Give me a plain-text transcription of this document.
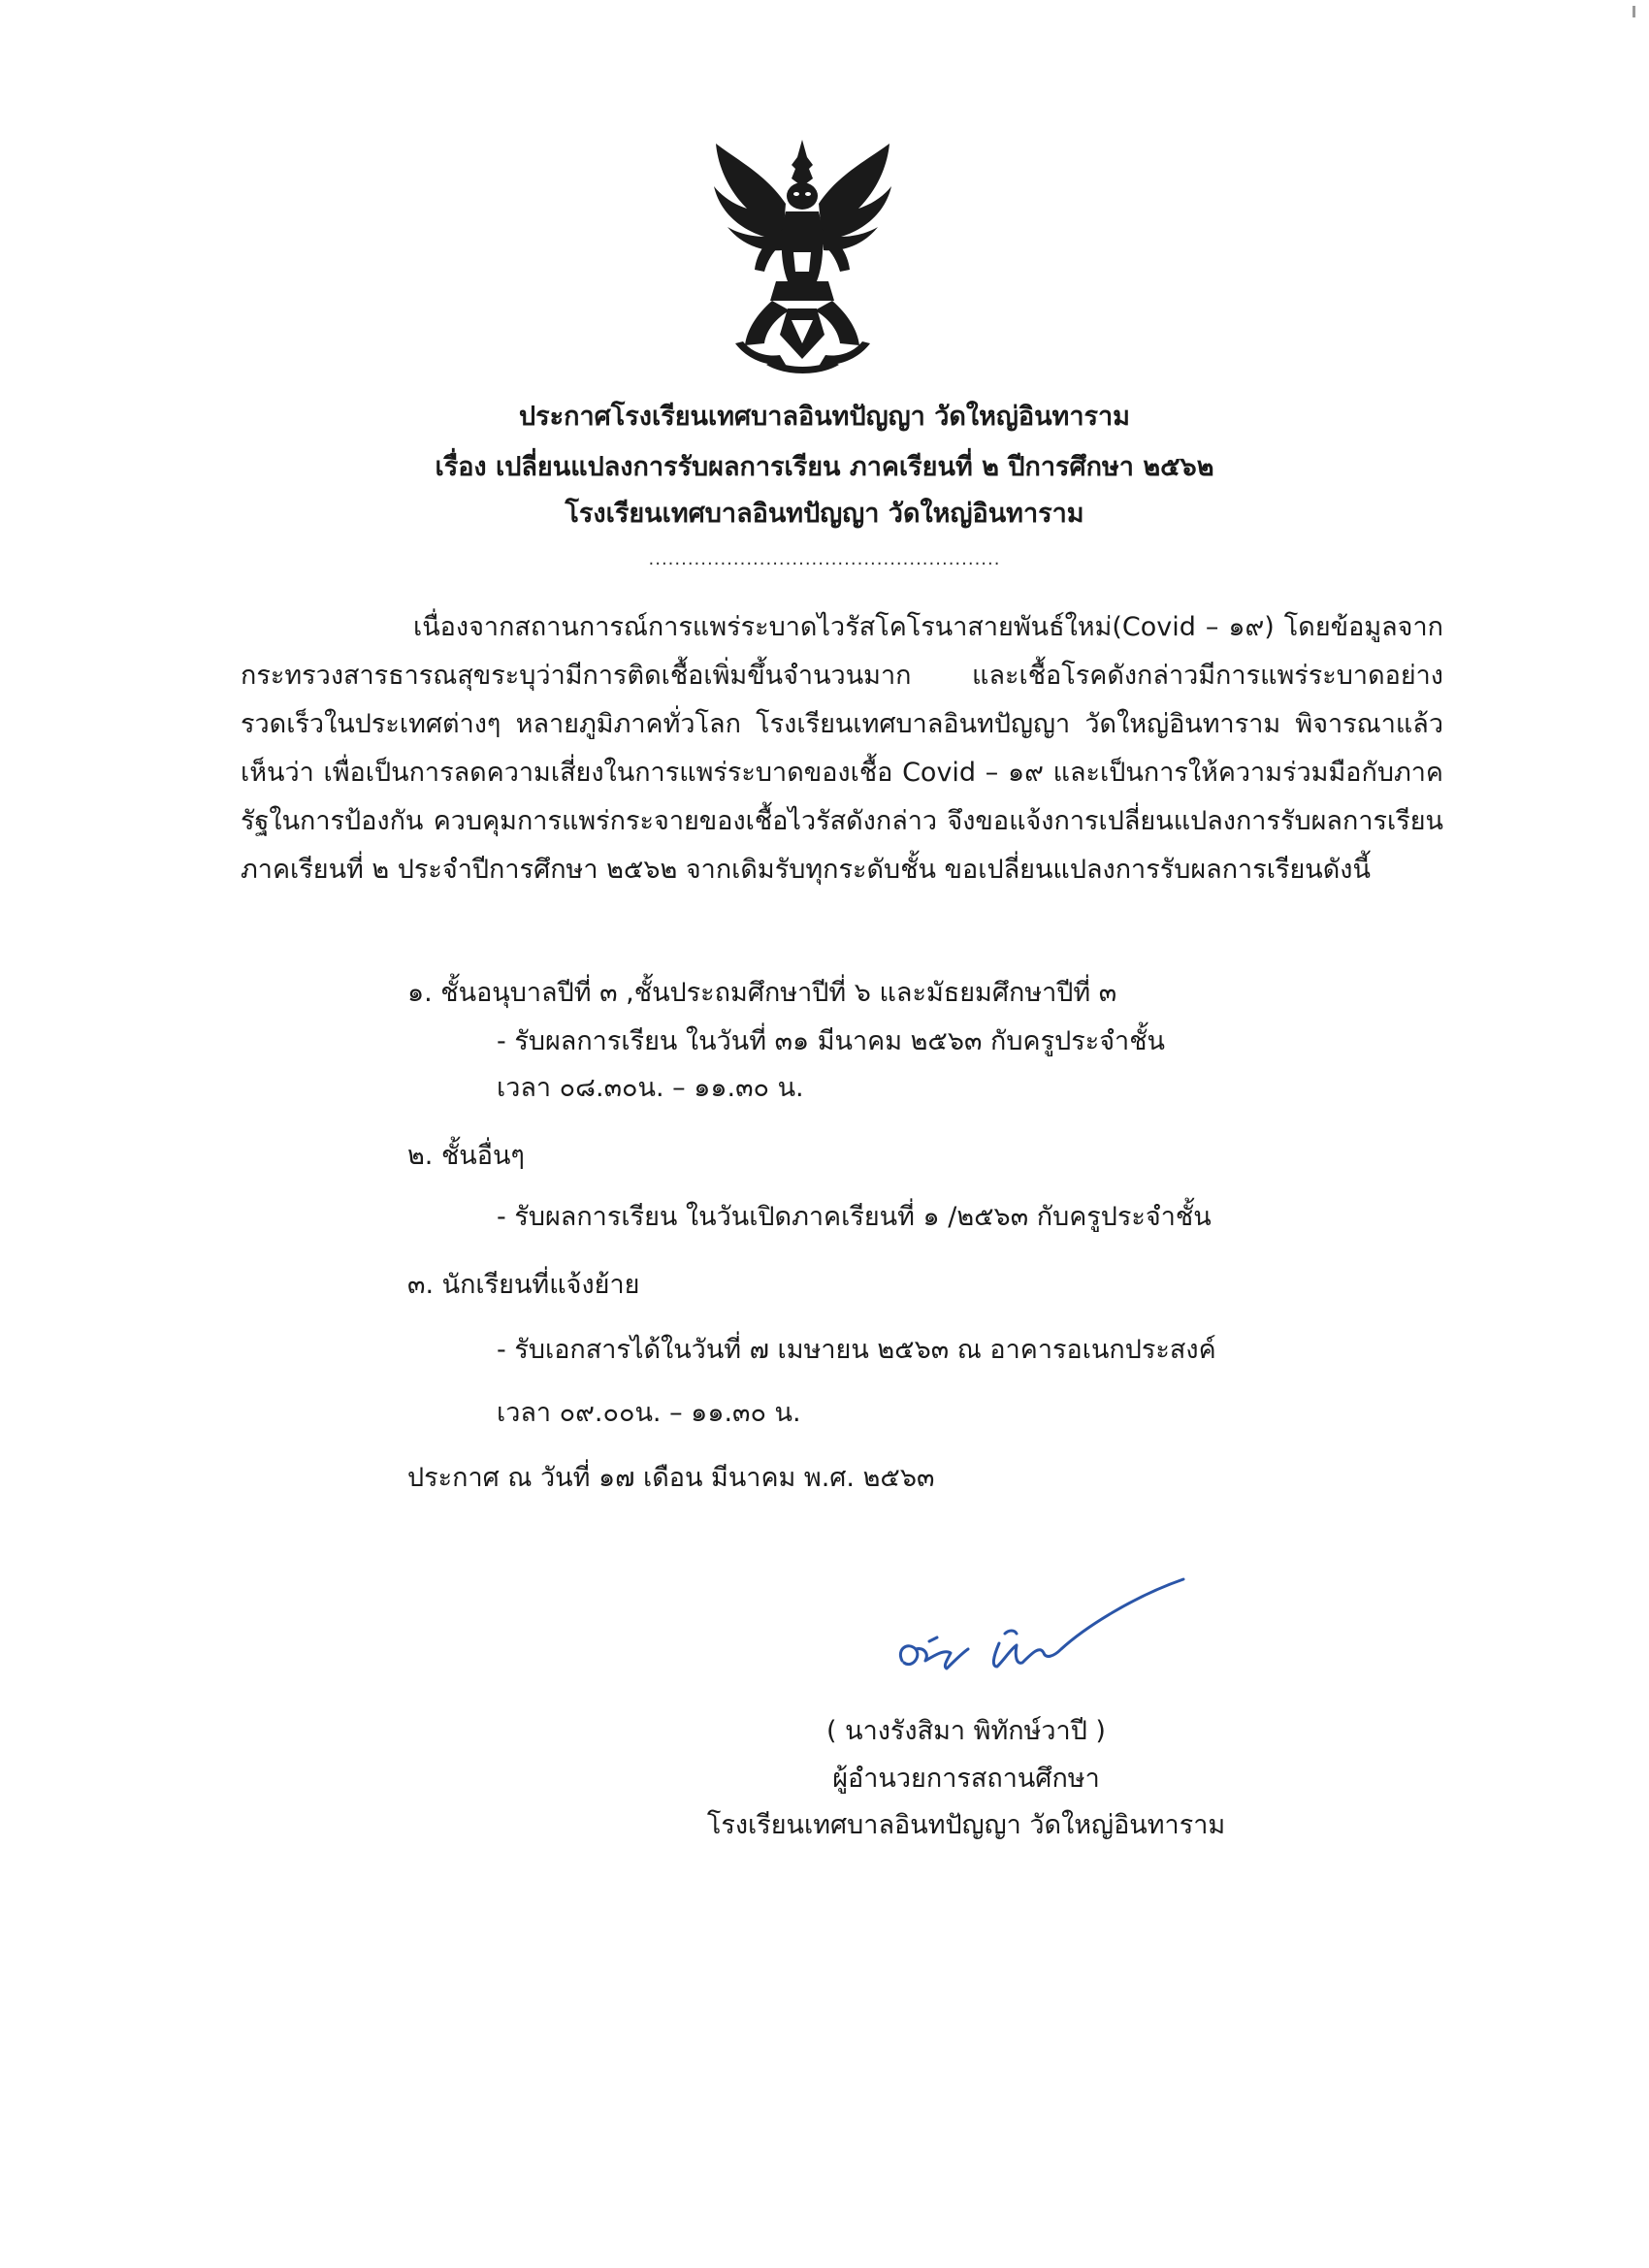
ประกาศโรงเรียนเทศบาลอินทปัญญา วัดใหญ่อินทาราม
เรื่อง เปลี่ยนแปลงการรับผลการเรียน ภาคเรียนที่ ๒ ปีการศึกษา ๒๕๖๒
โรงเรียนเทศบาลอินทปัญญา วัดใหญ่อินทาราม
......................................................

เนื่องจากสถานการณ์การแพร่ระบาดไวรัสโคโรนาสายพันธ์ใหม่(Covid – ๑๙) โดยข้อมูลจากกระทรวงสารธารณสุขระบุว่ามีการติดเชื้อเพิ่มขึ้นจำนวนมาก และเชื้อโรคดังกล่าวมีการแพร่ระบาดอย่างรวดเร็วในประเทศต่างๆ หลายภูมิภาคทั่วโลก โรงเรียนเทศบาลอินทปัญญา วัดใหญ่อินทาราม พิจารณาแล้วเห็นว่า เพื่อเป็นการลดความเสี่ยงในการแพร่ระบาดของเชื้อ Covid – ๑๙ และเป็นการให้ความร่วมมือกับภาครัฐในการป้องกัน ควบคุมการแพร่กระจายของเชื้อไวรัสดังกล่าว จึงขอแจ้งการเปลี่ยนแปลงการรับผลการเรียน ภาคเรียนที่ ๒ ประจำปีการศึกษา ๒๕๖๒ จากเดิมรับทุกระดับชั้น ขอเปลี่ยนแปลงการรับผลการเรียนดังนี้

๑. ชั้นอนุบาลปีที่ ๓ ,ชั้นประถมศึกษาปีที่ ๖ และมัธยมศึกษาปีที่ ๓
- รับผลการเรียน ในวันที่ ๓๑ มีนาคม ๒๕๖๓ กับครูประจำชั้น
เวลา ๐๘.๓๐น. – ๑๑.๓๐ น.
๒. ชั้นอื่นๆ
- รับผลการเรียน ในวันเปิดภาคเรียนที่ ๑ /๒๕๖๓ กับครูประจำชั้น
๓. นักเรียนที่แจ้งย้าย
- รับเอกสารได้ในวันที่ ๗ เมษายน ๒๕๖๓ ณ อาคารอเนกประสงค์
เวลา ๐๙.๐๐น. – ๑๑.๓๐ น.
ประกาศ ณ วันที่ ๑๗ เดือน มีนาคม พ.ศ. ๒๕๖๓
( นางรังสิมา พิทักษ์วาปี )
ผู้อำนวยการสถานศึกษา
โรงเรียนเทศบาลอินทปัญญา วัดใหญ่อินทาราม
